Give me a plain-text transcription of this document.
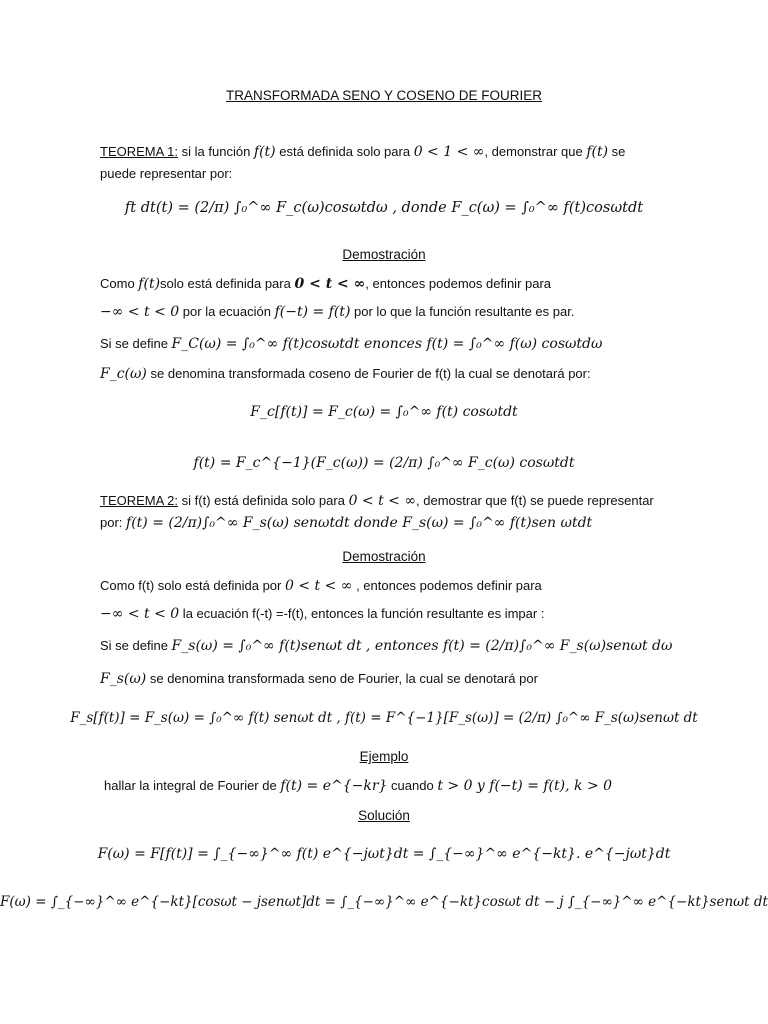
TRANSFORMADA SENO Y COSENO DE FOURIER
TEOREMA 1: si la función f(t) está definida solo para 0 < 1 < ∞, demonstrar que f(t) se
puede representar por:
ft dt(t) = (2/π) ∫₀^∞ F_c(ω)cosωtdω , donde F_c(ω) = ∫₀^∞ f(t)cosωtdt
Demostración
Como f(t)solo está definida para 0 < t < ∞, entonces podemos definir para
−∞ < t < 0 por la ecuación f(−t) = f(t) por lo que la función resultante es par.
Si se define F_C(ω) = ∫₀^∞ f(t)cosωtdt enonces f(t) = ∫₀^∞ f(ω) cosωtdω
F_c(ω) se denomina transformada coseno de Fourier de f(t) la cual se denotará por:
F_c[f(t)] = F_c(ω) = ∫₀^∞ f(t) cosωtdt
f(t) = F_c^{−1}(F_c(ω)) = (2/π) ∫₀^∞ F_c(ω) cosωtdt
TEOREMA 2: si f(t) está definida solo para 0 < t < ∞, demostrar que f(t) se puede representar
por: f(t) = (2/π)∫₀^∞ F_s(ω) senωtdt donde F_s(ω) = ∫₀^∞ f(t)sen ωtdt
Demostración
Como f(t) solo está definida por 0 < t < ∞ , entonces podemos definir para
−∞ < t < 0 la ecuación f(-t) =-f(t), entonces la función resultante es impar :
Si se define F_s(ω) = ∫₀^∞ f(t)senωt dt , entonces f(t) = (2/π)∫₀^∞ F_s(ω)senωt dω
F_s(ω) se denomina transformada seno de Fourier, la cual se denotará por
F_s[f(t)] = F_s(ω) = ∫₀^∞ f(t) senωt dt , f(t) = F^{−1}[F_s(ω)] = (2/π) ∫₀^∞ F_s(ω)senωt dt
Ejemplo
hallar la integral de Fourier de f(t) = e^{−kr} cuando t > 0 y f(−t) = f(t), k > 0
Solución
F(ω) = F[f(t)] = ∫_{−∞}^∞ f(t) e^{−jωt}dt = ∫_{−∞}^∞ e^{−kt}. e^{−jωt}dt
F(ω) = ∫_{−∞}^∞ e^{−kt}[cosωt − jsenωt]dt = ∫_{−∞}^∞ e^{−kt}cosωt dt − j ∫_{−∞}^∞ e^{−kt}senωt dt
